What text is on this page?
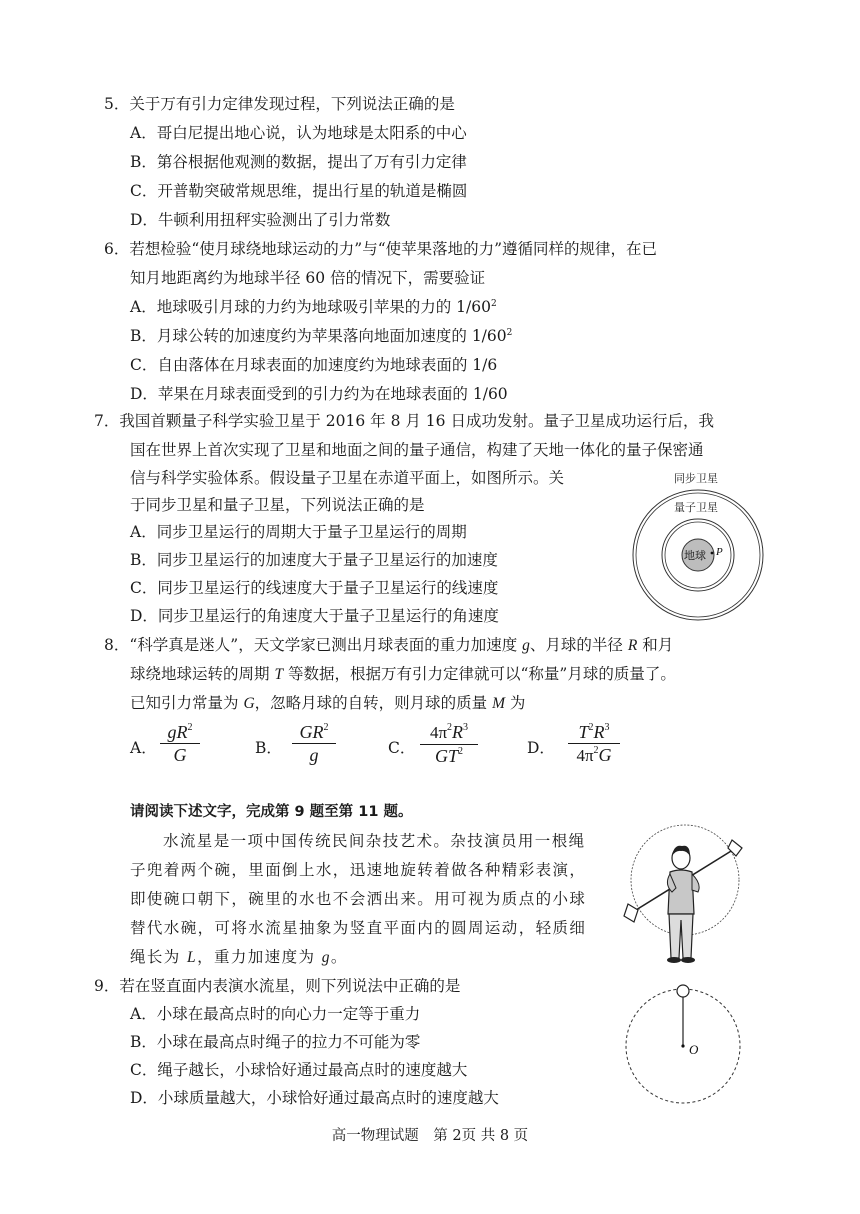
5．关于万有引力定律发现过程，下列说法正确的是
A．哥白尼提出地心说，认为地球是太阳系的中心
B．第谷根据他观测的数据，提出了万有引力定律
C．开普勒突破常规思维，提出行星的轨道是椭圆
D．牛顿利用扭秤实验测出了引力常数
6．若想检验“使月球绕地球运动的力”与“使苹果落地的力”遵循同样的规律，在已
知月地距离约为地球半径 60 倍的情况下，需要验证
A．地球吸引月球的力约为地球吸引苹果的力的 $1/60^2$
B．月球公转的加速度约为苹果落向地面加速度的 $1/60^2$
C．自由落体在月球表面的加速度约为地球表面的 1/6
D．苹果在月球表面受到的引力约为在地球表面的 1/60
7．我国首颗量子科学实验卫星于 2016 年 8 月 16 日成功发射。量子卫星成功运行后，我
国在世界上首次实现了卫星和地面之间的量子通信，构建了天地一体化的量子保密通
信与科学实验体系。假设量子卫星在赤道平面上，如图所示。关
于同步卫星和量子卫星，下列说法正确的是
A．同步卫星运行的周期大于量子卫星运行的周期
B．同步卫星运行的加速度大于量子卫星运行的加速度
C．同步卫星运行的线速度大于量子卫星运行的线速度
D．同步卫星运行的角速度大于量子卫星运行的角速度
同步卫星
量子卫星
地球 P
8．“科学真是迷人”，天文学家已测出月球表面的重力加速度 g、月球的半径 R 和月
球绕地球运转的周期 T 等数据，根据万有引力定律就可以“称量”月球的质量了。
已知引力常量为 G，忽略月球的自转，则月球的质量 M 为
A．
$gR^2$
G	B．
$GR^2$
g	C．
$4\pi^2R^3$
$GT^2$	D．
$T^2R^3$
$4\pi^2G$
请阅读下述文字，完成第 9 题至第 11 题。
水流星是一项中国传统民间杂技艺术。杂技演员用一根绳
子兜着两个碗，里面倒上水，迅速地旋转着做各种精彩表演，
即使碗口朝下，碗里的水也不会洒出来。用可视为质点的小球
替代水碗，可将水流星抽象为竖直平面内的圆周运动，轻质细
绳长为 L，重力加速度为 g。
9．若在竖直面内表演水流星，则下列说法中正确的是
A．小球在最高点时的向心力一定等于重力
B．小球在最高点时绳子的拉力不可能为零
C．绳子越长，小球恰好通过最高点时的速度越大
D．小球质量越大，小球恰好通过最高点时的速度越大
O
高一物理试题　第 2页 共 8 页
